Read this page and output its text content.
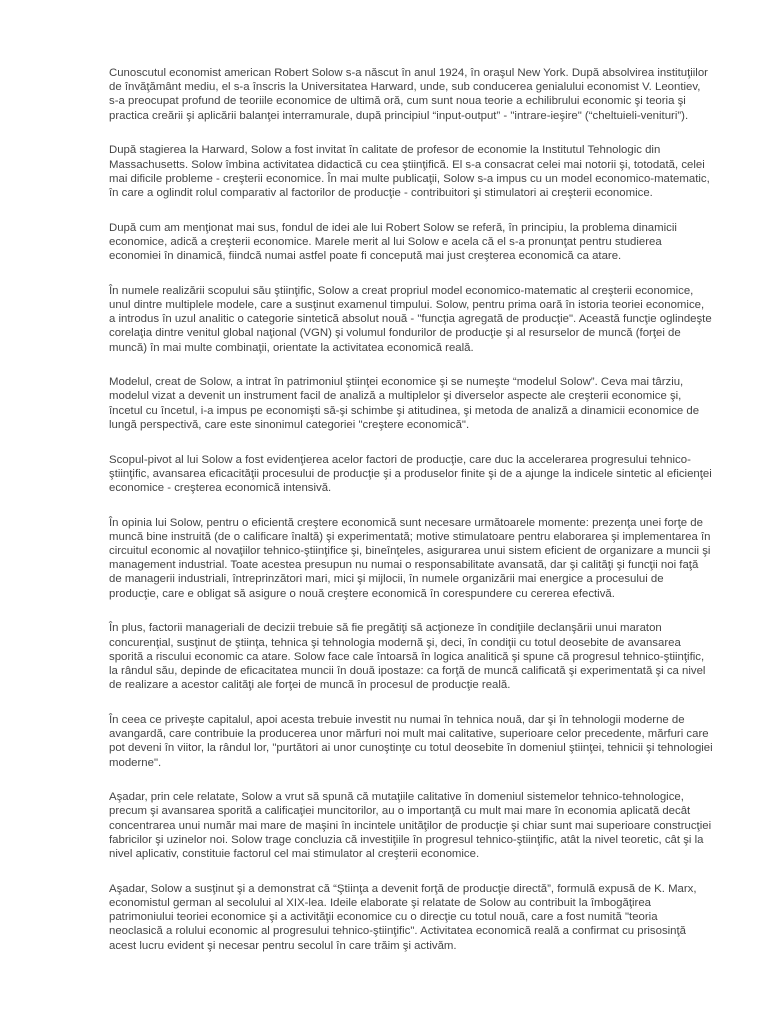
Cunoscutul economist american Robert Solow s-a născut în anul 1924, în oraşul New York. După absolvirea instituţiilor de învăţământ mediu, el s-a înscris la Universitatea Harward, unde, sub conducerea genialului economist V. Leontiev, s-a preocupat profund de teoriile economice de ultimă oră, cum sunt noua teorie a echilibrului economic şi teoria şi practica creării şi aplicării balanţei interramurale, după principiul “input-output” - "intrare-ieşire" (“cheltuieli-venituri”).

După stagierea la Harward, Solow a fost invitat în calitate de profesor de economie la Institutul Tehnologic din Massachusetts. Solow îmbina activitatea didactică cu cea ştiinţifică. El s-a consacrat celei mai notorii şi, totodată, celei mai dificile probleme - creşterii economice. În mai multe publicaţii, Solow s-a impus cu un model economico-matematic, în care a oglindit rolul comparativ al factorilor de producţie - contribuitori şi stimulatori ai creşterii economice.

După cum am menţionat mai sus, fondul de idei ale lui Robert Solow se referă, în principiu, la problema dinamicii economice, adică a creşterii economice. Marele merit al lui Solow e acela că el s-a pronunţat pentru studierea economiei în dinamică, fiindcă numai astfel poate fi concepută mai just creşterea economică ca atare.

În numele realizării scopului său ştiinţific, Solow a creat propriul model economico-matematic al creşterii economice, unul dintre multiplele modele, care a susţinut examenul timpului. Solow, pentru prima oară în istoria teoriei economice, a introdus în uzul analitic o categorie sintetică absolut nouă - "funcţia agregată de producţie". Această funcţie oglindeşte corelaţia dintre venitul global naţional (VGN) şi volumul fondurilor de producţie şi al resurselor de muncă (forţei de muncă) în mai multe combinaţii, orientate la activitatea economică reală.

Modelul, creat de Solow, a intrat în patrimoniul ştiinţei economice şi se numeşte “modelul Solow”. Ceva mai târziu, modelul vizat a devenit un instrument facil de analiză a multiplelor şi diverselor aspecte ale creşterii economice şi, încetul cu încetul, i-a impus pe economişti să-şi schimbe şi atitudinea, şi metoda de analiză a dinamicii economice de lungă perspectivă, care este sinonimul categoriei "creştere economică".

Scopul-pivot al lui Solow a fost evidenţierea acelor factori de producţie, care duc la accelerarea progresului tehnico-ştiinţific, avansarea eficacităţii procesului de producţie şi a produselor finite şi de a ajunge la indicele sintetic al eficienţei economice - creşterea economică intensivă.

În opinia lui Solow, pentru o eficientă creştere economică sunt necesare următoarele momente: prezenţa unei forţe de muncă bine instruită (de o calificare înaltă) şi experimentată; motive stimulatoare pentru elaborarea şi implementarea în circuitul economic al novaţiilor tehnico-ştiinţifice şi, bineînţeles, asigurarea unui sistem eficient de organizare a muncii şi management industrial. Toate acestea presupun nu numai o responsabilitate avansată, dar şi calităţi şi funcţii noi faţă de managerii industriali, întreprinzători mari, mici şi mijlocii, în numele organizării mai energice a procesului de producţie, care e obligat să asigure o nouă creştere economică în corespundere cu cererea efectivă.

În plus, factorii manageriali de decizii trebuie să fie pregătiţi să acţioneze în condiţiile declanşării unui maraton concurenţial, susţinut de ştiinţa, tehnica şi tehnologia modernă şi, deci, în condiţii cu totul deosebite de avansarea sporită a riscului economic ca atare. Solow face cale întoarsă în logica analitică şi spune că progresul tehnico-ştiinţific, la rândul său, depinde de eficacitatea muncii în două ipostaze: ca forţă de muncă calificată şi experimentată şi ca nivel de realizare a acestor calităţi ale forţei de muncă în procesul de producţie reală.

În ceea ce priveşte capitalul, apoi acesta trebuie investit nu numai în tehnica nouă, dar şi în tehnologii moderne de avangardă, care contribuie la producerea unor mărfuri noi mult mai calitative, superioare celor precedente, mărfuri care pot deveni în viitor, la rândul lor, "purtători ai unor cunoştinţe cu totul deosebite în domeniul ştiinţei, tehnicii şi tehnologiei moderne".

Aşadar, prin cele relatate, Solow a vrut să spună că mutaţiile calitative în domeniul sistemelor tehnico-tehnologice, precum şi avansarea sporită a calificaţiei muncitorilor, au o importanţă cu mult mai mare în economia aplicată decât concentrarea unui număr mai mare de maşini în incintele unităţilor de producţie şi chiar sunt mai superioare construcţiei fabricilor şi uzinelor noi. Solow trage concluzia că investiţiile în progresul tehnico-ştiinţific, atât la nivel teoretic, cât şi la nivel aplicativ, constituie factorul cel mai stimulator al creşterii economice.

Aşadar, Solow a susţinut şi a demonstrat că “Ştiinţa a devenit forţă de producţie directă”, formulă expusă de K. Marx, economistul german al secolului al XIX-lea. Ideile elaborate şi relatate de Solow au contribuit la îmbogăţirea patrimoniului teoriei economice şi a activităţii economice cu o direcţie cu totul nouă, care a fost numită "teoria neoclasică a rolului economic al progresului tehnico-ştiinţific". Activitatea economică reală a confirmat cu prisosinţă acest lucru evident şi necesar pentru secolul în care trăim şi activăm.
